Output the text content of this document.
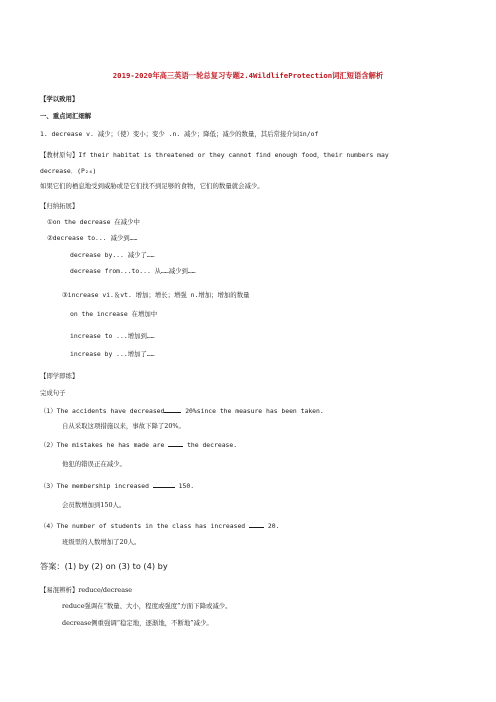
2019-2020年高三英语一轮总复习专题2.4WildlifeProtection词汇短语含解析
【学以致用】
一、重点词汇细解
1. decrease v. 减少；（使）变小；变少 .n. 减少；降低；减少的数量，其后常接介词in/of
【教材原句】If their habitat is threatened or they cannot find enough food，their numbers may
decrease．(P₂₆)
如果它们的栖息地受到威胁或是它们找不到足够的食物，它们的数量就会减少。
【归纳拓展】
①on the decrease 在减少中
②decrease to... 减少到……
decrease by... 减少了……
decrease from...to... 从……减少到……
③increase vi.＆vt. 增加；增长；增强 n.增加；增加的数量
on the increase 在增加中
increase to ...增加到……
increase by ...增加了……
【即学即练】
完成句子
（1）The accidents have decreased	20%since the measure has been taken.
自从采取这项措施以来，事故下降了20%。
（2）The mistakes he has made are  the decrease.
他犯的错误正在减少。
（3）The membership increased	150.
会员数增加到150人。
（4）The number of students in the class has increased  20.
班级里的人数增加了20人。
答案：(1) by (2) on (3) to (4) by
【易混辨析】reduce/decrease
reduce强调在“数量、大小，程度或强度”方面下降或减少。
decrease侧重强调“稳定地，逐渐地，不断地”减少。
